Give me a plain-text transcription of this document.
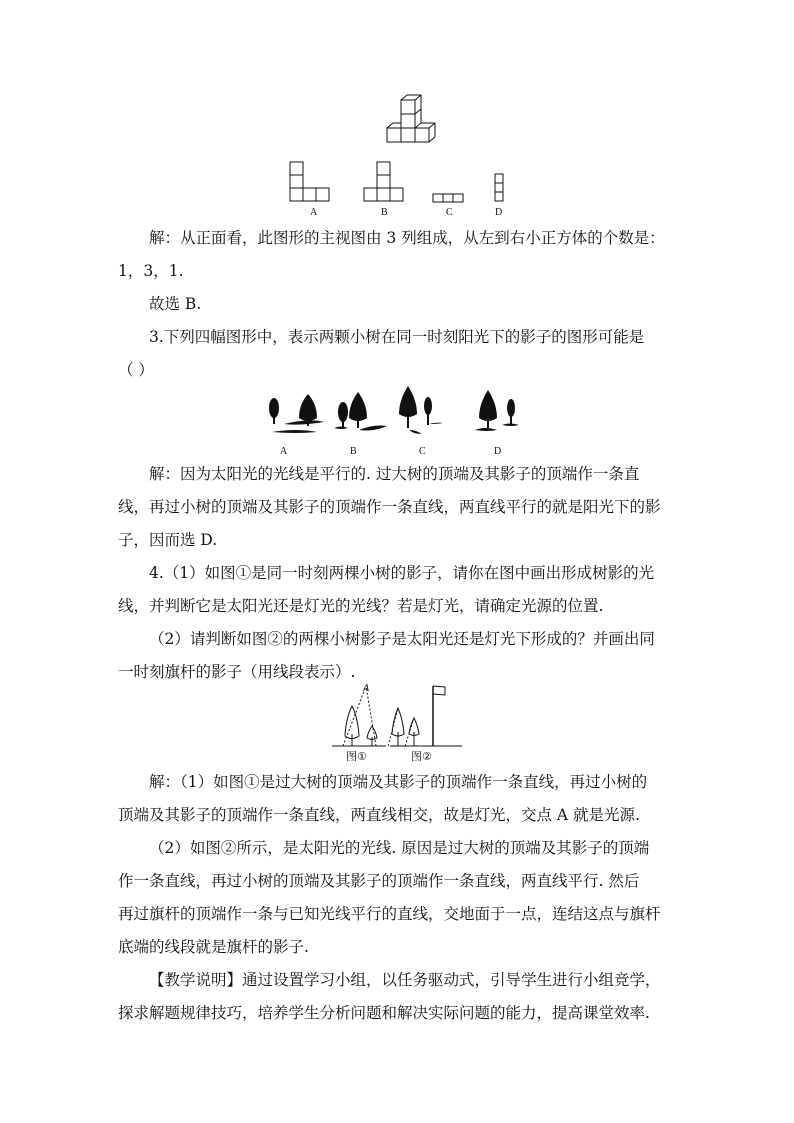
A	B	C	D

解：从正面看，此图形的主视图由 3 列组成，从左到右小正方体的个数是：
1，3，1.
故选 B.
3.下列四幅图形中，表示两颗小树在同一时刻阳光下的影子的图形可能是
（ ）

A	B	C	D

解：因为太阳光的光线是平行的. 过大树的顶端及其影子的顶端作一条直
线，再过小树的顶端及其影子的顶端作一条直线，两直线平行的就是阳光下的影
子，因而选 D.
4.（1）如图①是同一时刻两棵小树的影子，请你在图中画出形成树影的光
线，并判断它是太阳光还是灯光的光线？若是灯光，请确定光源的位置.
（2）请判断如图②的两棵小树影子是太阳光还是灯光下形成的？并画出同
一时刻旗杆的影子（用线段表示）.

A
图①	图②

解：（1）如图①是过大树的顶端及其影子的顶端作一条直线，再过小树的
顶端及其影子的顶端作一条直线，两直线相交，故是灯光，交点 A 就是光源.
（2）如图②所示，是太阳光的光线. 原因是过大树的顶端及其影子的顶端
作一条直线，再过小树的顶端及其影子的顶端作一条直线，两直线平行. 然后
再过旗杆的顶端作一条与已知光线平行的直线，交地面于一点，连结这点与旗杆
底端的线段就是旗杆的影子.
【教学说明】通过设置学习小组，以任务驱动式，引导学生进行小组竞学，
探求解题规律技巧，培养学生分析问题和解决实际问题的能力，提高课堂效率.
